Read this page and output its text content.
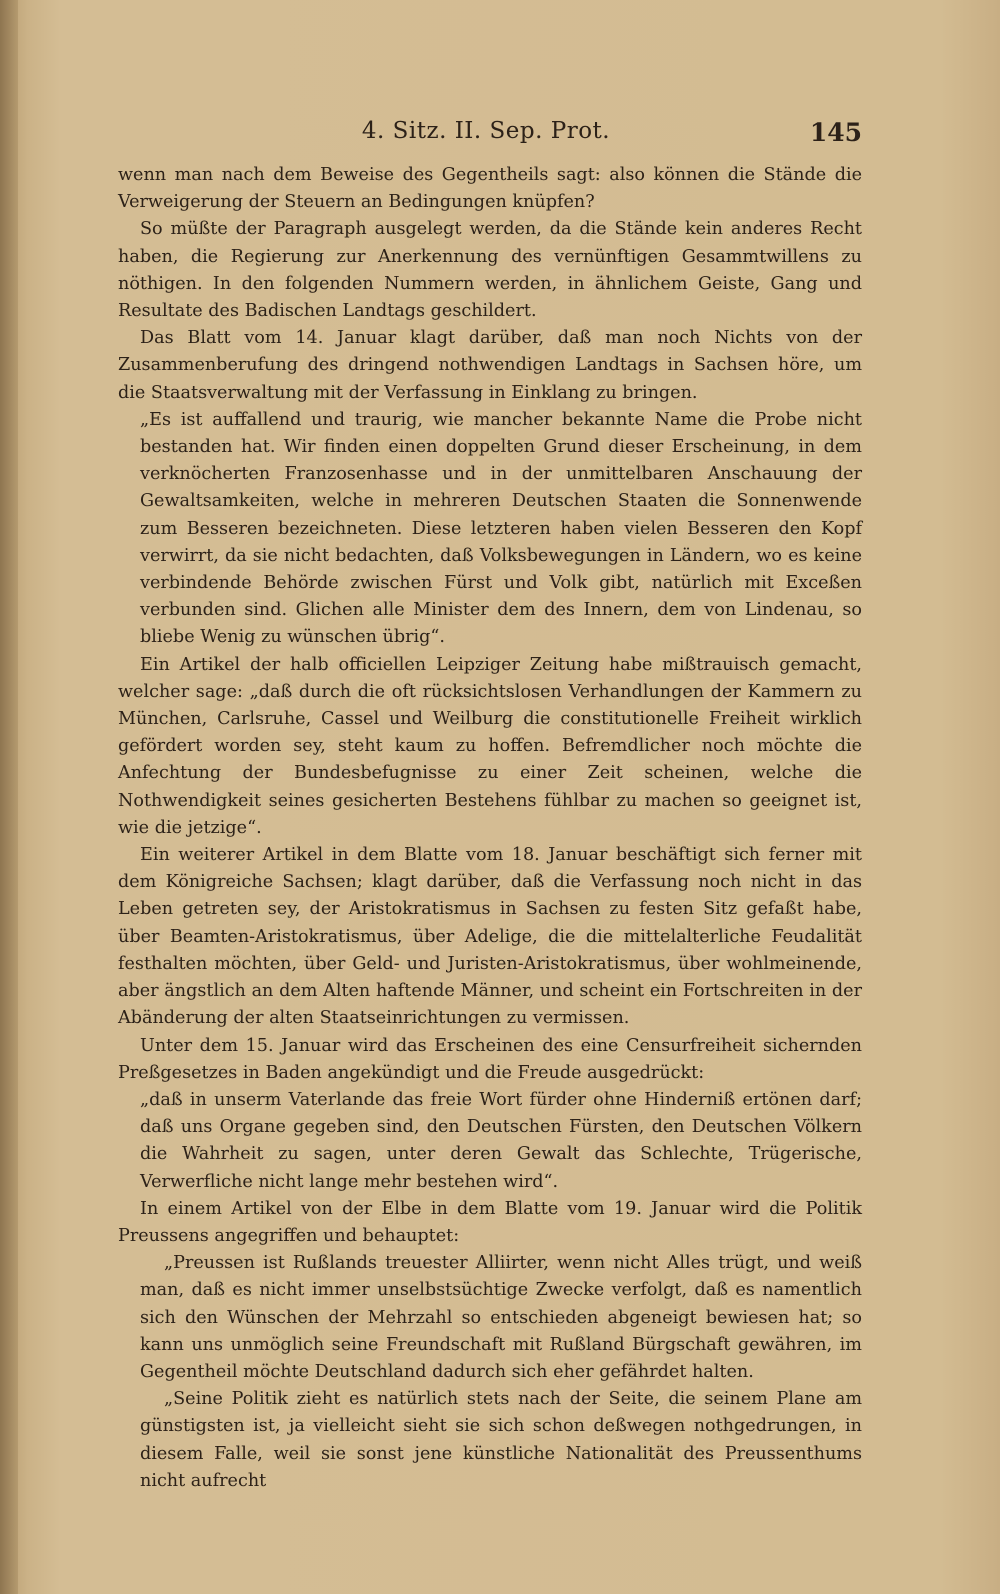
4. Sitz. II. Sep. Prot.	145

wenn man nach dem Beweise des Gegentheils sagt: also können die Stände die Verweigerung der Steuern an Bedingungen knüpfen?

So müßte der Paragraph ausgelegt werden, da die Stände kein anderes Recht haben, die Regierung zur Anerkennung des vernünftigen Gesammtwillens zu nöthigen. In den folgenden Nummern werden, in ähnlichem Geiste, Gang und Resultate des Badischen Landtags geschildert.

Das Blatt vom 14. Januar klagt darüber, daß man noch Nichts von der Zusammenberufung des dringend nothwendigen Landtags in Sachsen höre, um die Staatsverwaltung mit der Verfassung in Einklang zu bringen.

„Es ist auffallend und traurig, wie mancher bekannte Name die Probe nicht bestanden hat. Wir finden einen doppelten Grund dieser Erscheinung, in dem verknöcherten Franzosenhasse und in der unmittelbaren Anschauung der Gewaltsamkeiten, welche in mehreren Deutschen Staaten die Sonnenwende zum Besseren bezeichneten. Diese letzteren haben vielen Besseren den Kopf verwirrt, da sie nicht bedachten, daß Volksbewegungen in Ländern, wo es keine verbindende Behörde zwischen Fürst und Volk gibt, natürlich mit Exceßen verbunden sind. Glichen alle Minister dem des Innern, dem von Lindenau, so bliebe Wenig zu wünschen übrig“.

Ein Artikel der halb officiellen Leipziger Zeitung habe mißtrauisch gemacht, welcher sage: „daß durch die oft rücksichtslosen Verhandlungen der Kammern zu München, Carlsruhe, Cassel und Weilburg die constitutionelle Freiheit wirklich gefördert worden sey, steht kaum zu hoffen. Befremdlicher noch möchte die Anfechtung der Bundesbefugnisse zu einer Zeit scheinen, welche die Nothwendigkeit seines gesicherten Bestehens fühlbar zu machen so geeignet ist, wie die jetzige“.

Ein weiterer Artikel in dem Blatte vom 18. Januar beschäftigt sich ferner mit dem Königreiche Sachsen; klagt darüber, daß die Verfassung noch nicht in das Leben getreten sey, der Aristokratismus in Sachsen zu festen Sitz gefaßt habe, über Beamten-Aristokratismus, über Adelige, die die mittelalterliche Feudalität festhalten möchten, über Geld- und Juristen-Aristokratismus, über wohlmeinende, aber ängstlich an dem Alten haftende Männer, und scheint ein Fortschreiten in der Abänderung der alten Staatseinrichtungen zu vermissen.

Unter dem 15. Januar wird das Erscheinen des eine Censurfreiheit sichernden Preßgesetzes in Baden angekündigt und die Freude ausgedrückt:

„daß in unserm Vaterlande das freie Wort fürder ohne Hinderniß ertönen darf; daß uns Organe gegeben sind, den Deutschen Fürsten, den Deutschen Völkern die Wahrheit zu sagen, unter deren Gewalt das Schlechte, Trügerische, Verwerfliche nicht lange mehr bestehen wird“.

In einem Artikel von der Elbe in dem Blatte vom 19. Januar wird die Politik Preussens angegriffen und behauptet:

„Preussen ist Rußlands treuester Alliirter, wenn nicht Alles trügt, und weiß man, daß es nicht immer unselbstsüchtige Zwecke verfolgt, daß es namentlich sich den Wünschen der Mehrzahl so entschieden abgeneigt bewiesen hat; so kann uns unmöglich seine Freundschaft mit Rußland Bürgschaft gewähren, im Gegentheil möchte Deutschland dadurch sich eher gefährdet halten.

„Seine Politik zieht es natürlich stets nach der Seite, die seinem Plane am günstigsten ist, ja vielleicht sieht sie sich schon deßwegen nothgedrungen, in diesem Falle, weil sie sonst jene künstliche Nationalität des Preussenthums nicht aufrecht
